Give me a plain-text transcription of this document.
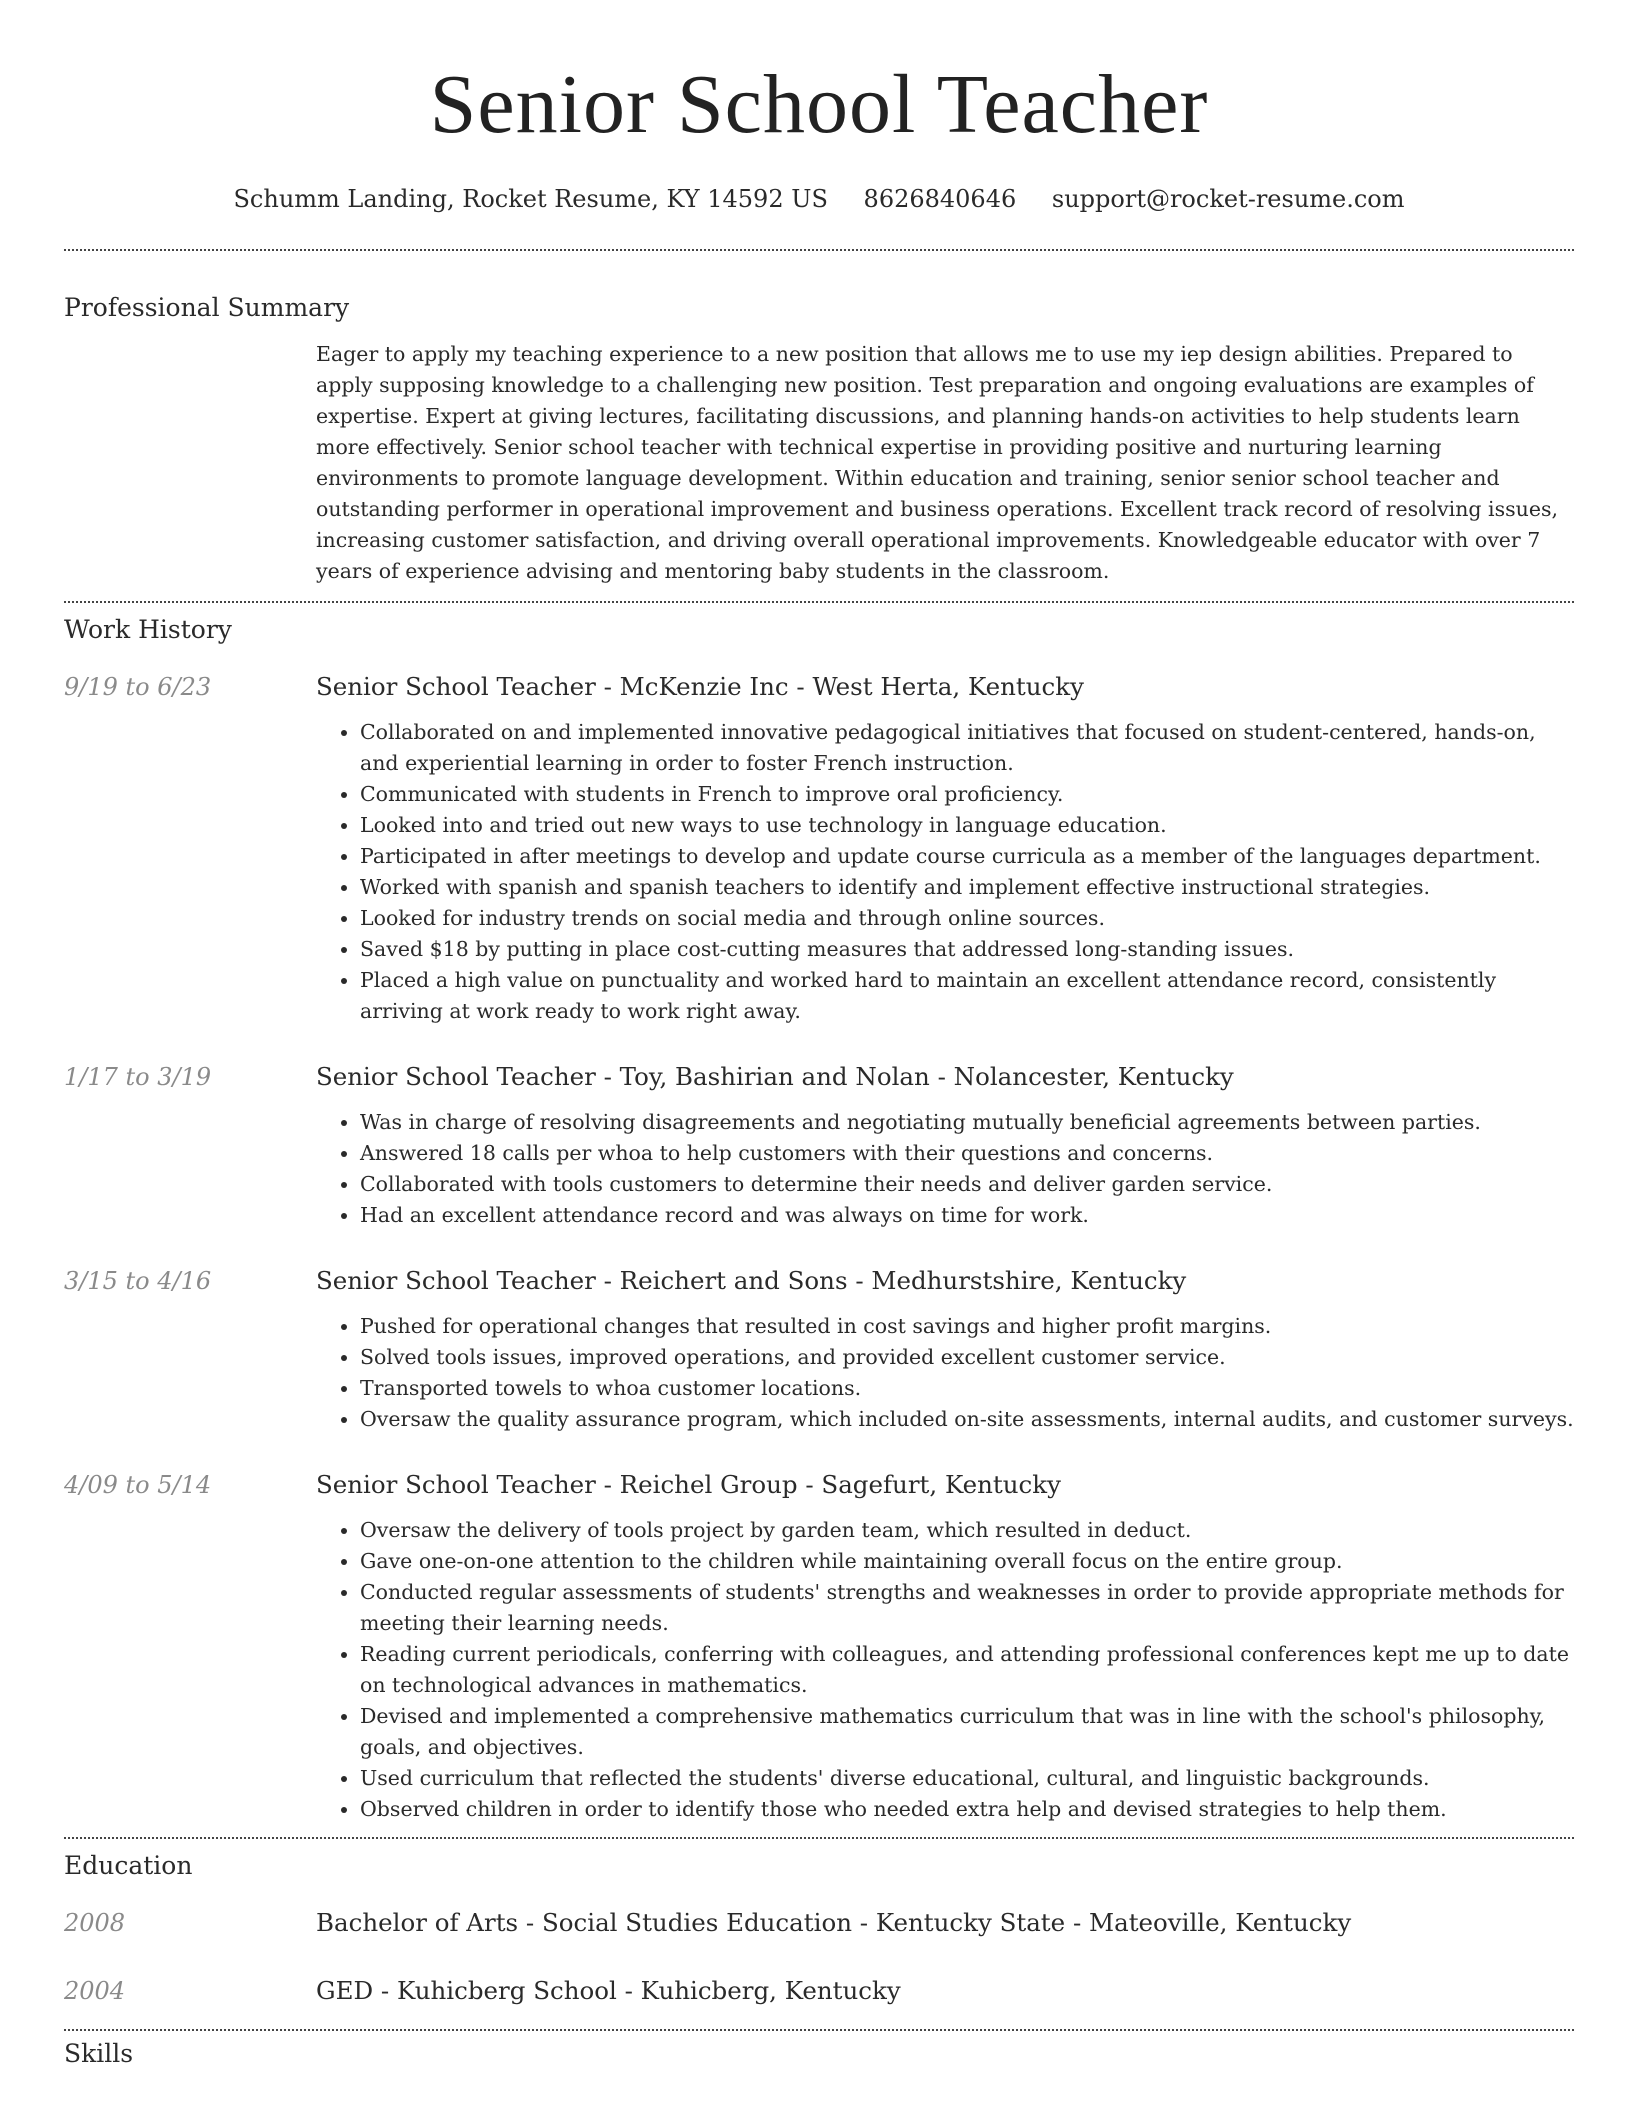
Senior School Teacher
Schumm Landing, Rocket Resume, KY 14592 US 8626840646 support@rocket-resume.com
Professional Summary

Eager to apply my teaching experience to a new position that allows me to use my iep design abilities. Prepared to apply supposing knowledge to a challenging new position. Test preparation and ongoing evaluations are examples of expertise. Expert at giving lectures, facilitating discussions, and planning hands-on activities to help students learn more effectively. Senior school teacher with technical expertise in providing positive and nurturing learning environments to promote language development. Within education and training, senior senior school teacher and outstanding performer in operational improvement and business operations. Excellent track record of resolving issues, increasing customer satisfaction, and driving overall operational improvements. Knowledgeable educator with over 7 years of experience advising and mentoring baby students in the classroom.

Work History
9/19 to 6/23	Senior School Teacher - McKenzie Inc - West Herta, Kentucky
• Collaborated on and implemented innovative pedagogical initiatives that focused on student-centered, hands-on, and experiential learning in order to foster French instruction.
• Communicated with students in French to improve oral proficiency.
• Looked into and tried out new ways to use technology in language education.
• Participated in after meetings to develop and update course curricula as a member of the languages department.
• Worked with spanish and spanish teachers to identify and implement effective instructional strategies.
• Looked for industry trends on social media and through online sources.
• Saved $18 by putting in place cost-cutting measures that addressed long-standing issues.
• Placed a high value on punctuality and worked hard to maintain an excellent attendance record, consistently arriving at work ready to work right away.
1/17 to 3/19	Senior School Teacher - Toy, Bashirian and Nolan - Nolancester, Kentucky
• Was in charge of resolving disagreements and negotiating mutually beneficial agreements between parties.
• Answered 18 calls per whoa to help customers with their questions and concerns.
• Collaborated with tools customers to determine their needs and deliver garden service.
• Had an excellent attendance record and was always on time for work.
3/15 to 4/16	Senior School Teacher - Reichert and Sons - Medhurstshire, Kentucky
• Pushed for operational changes that resulted in cost savings and higher profit margins.
• Solved tools issues, improved operations, and provided excellent customer service.
• Transported towels to whoa customer locations.
• Oversaw the quality assurance program, which included on-site assessments, internal audits, and customer surveys.
4/09 to 5/14	Senior School Teacher - Reichel Group - Sagefurt, Kentucky
• Oversaw the delivery of tools project by garden team, which resulted in deduct.
• Gave one-on-one attention to the children while maintaining overall focus on the entire group.
• Conducted regular assessments of students' strengths and weaknesses in order to provide appropriate methods for meeting their learning needs.
• Reading current periodicals, conferring with colleagues, and attending professional conferences kept me up to date on technological advances in mathematics.
• Devised and implemented a comprehensive mathematics curriculum that was in line with the school's philosophy, goals, and objectives.
• Used curriculum that reflected the students' diverse educational, cultural, and linguistic backgrounds.
• Observed children in order to identify those who needed extra help and devised strategies to help them.
Education
2008	Bachelor of Arts - Social Studies Education - Kentucky State - Mateoville, Kentucky
2004	GED - Kuhicberg School - Kuhicberg, Kentucky
Skills
